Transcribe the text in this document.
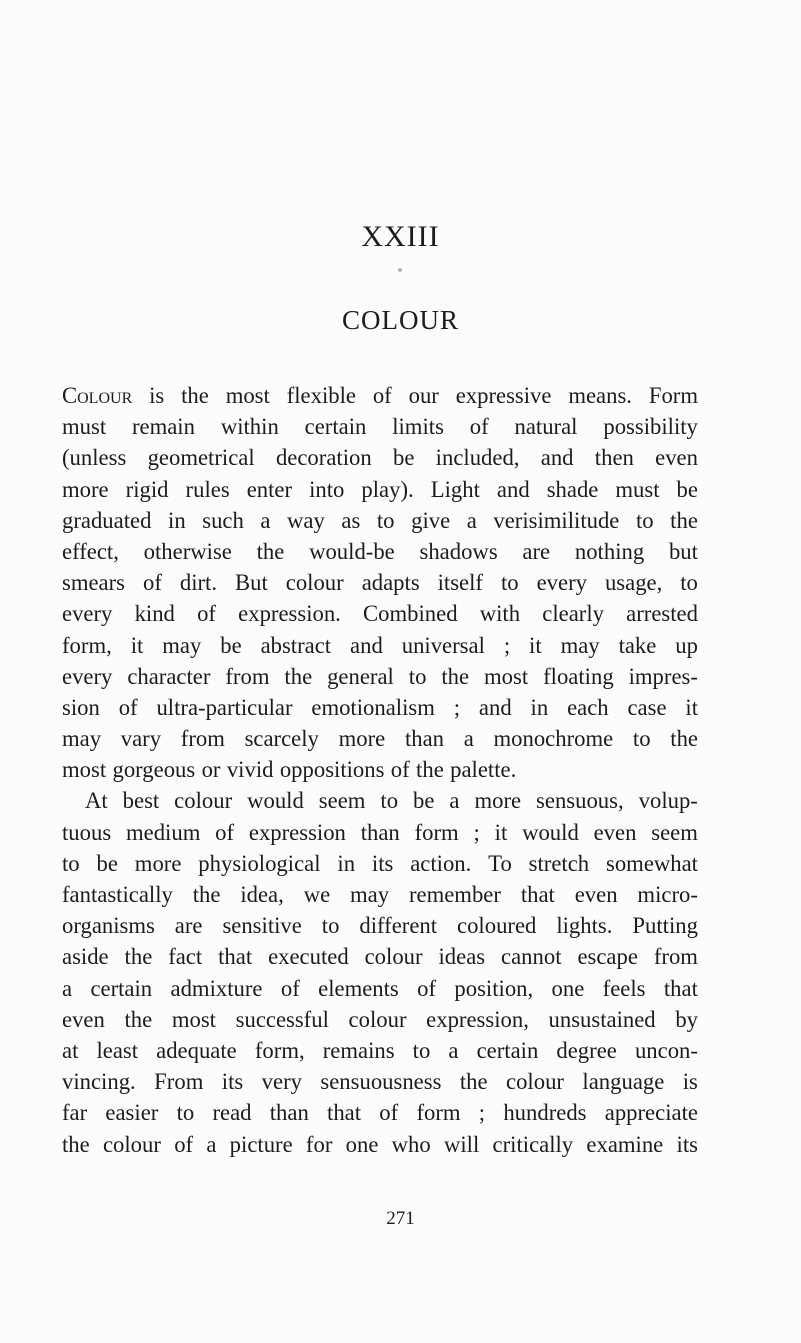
XXIII
COLOUR
Colour is the most flexible of our expressive means. Form
must remain within certain limits of natural possibility
(unless geometrical decoration be included, and then even
more rigid rules enter into play). Light and shade must be
graduated in such a way as to give a verisimilitude to the
effect, otherwise the would-be shadows are nothing but
smears of dirt. But colour adapts itself to every usage, to
every kind of expression. Combined with clearly arrested
form, it may be abstract and universal ; it may take up
every character from the general to the most floating impres-
sion of ultra-particular emotionalism ; and in each case it
may vary from scarcely more than a monochrome to the
most gorgeous or vivid oppositions of the palette.
At best colour would seem to be a more sensuous, volup-
tuous medium of expression than form ; it would even seem
to be more physiological in its action. To stretch somewhat
fantastically the idea, we may remember that even micro-
organisms are sensitive to different coloured lights. Putting
aside the fact that executed colour ideas cannot escape from
a certain admixture of elements of position, one feels that
even the most successful colour expression, unsustained by
at least adequate form, remains to a certain degree uncon-
vincing. From its very sensuousness the colour language is
far easier to read than that of form ; hundreds appreciate
the colour of a picture for one who will critically examine its
271
